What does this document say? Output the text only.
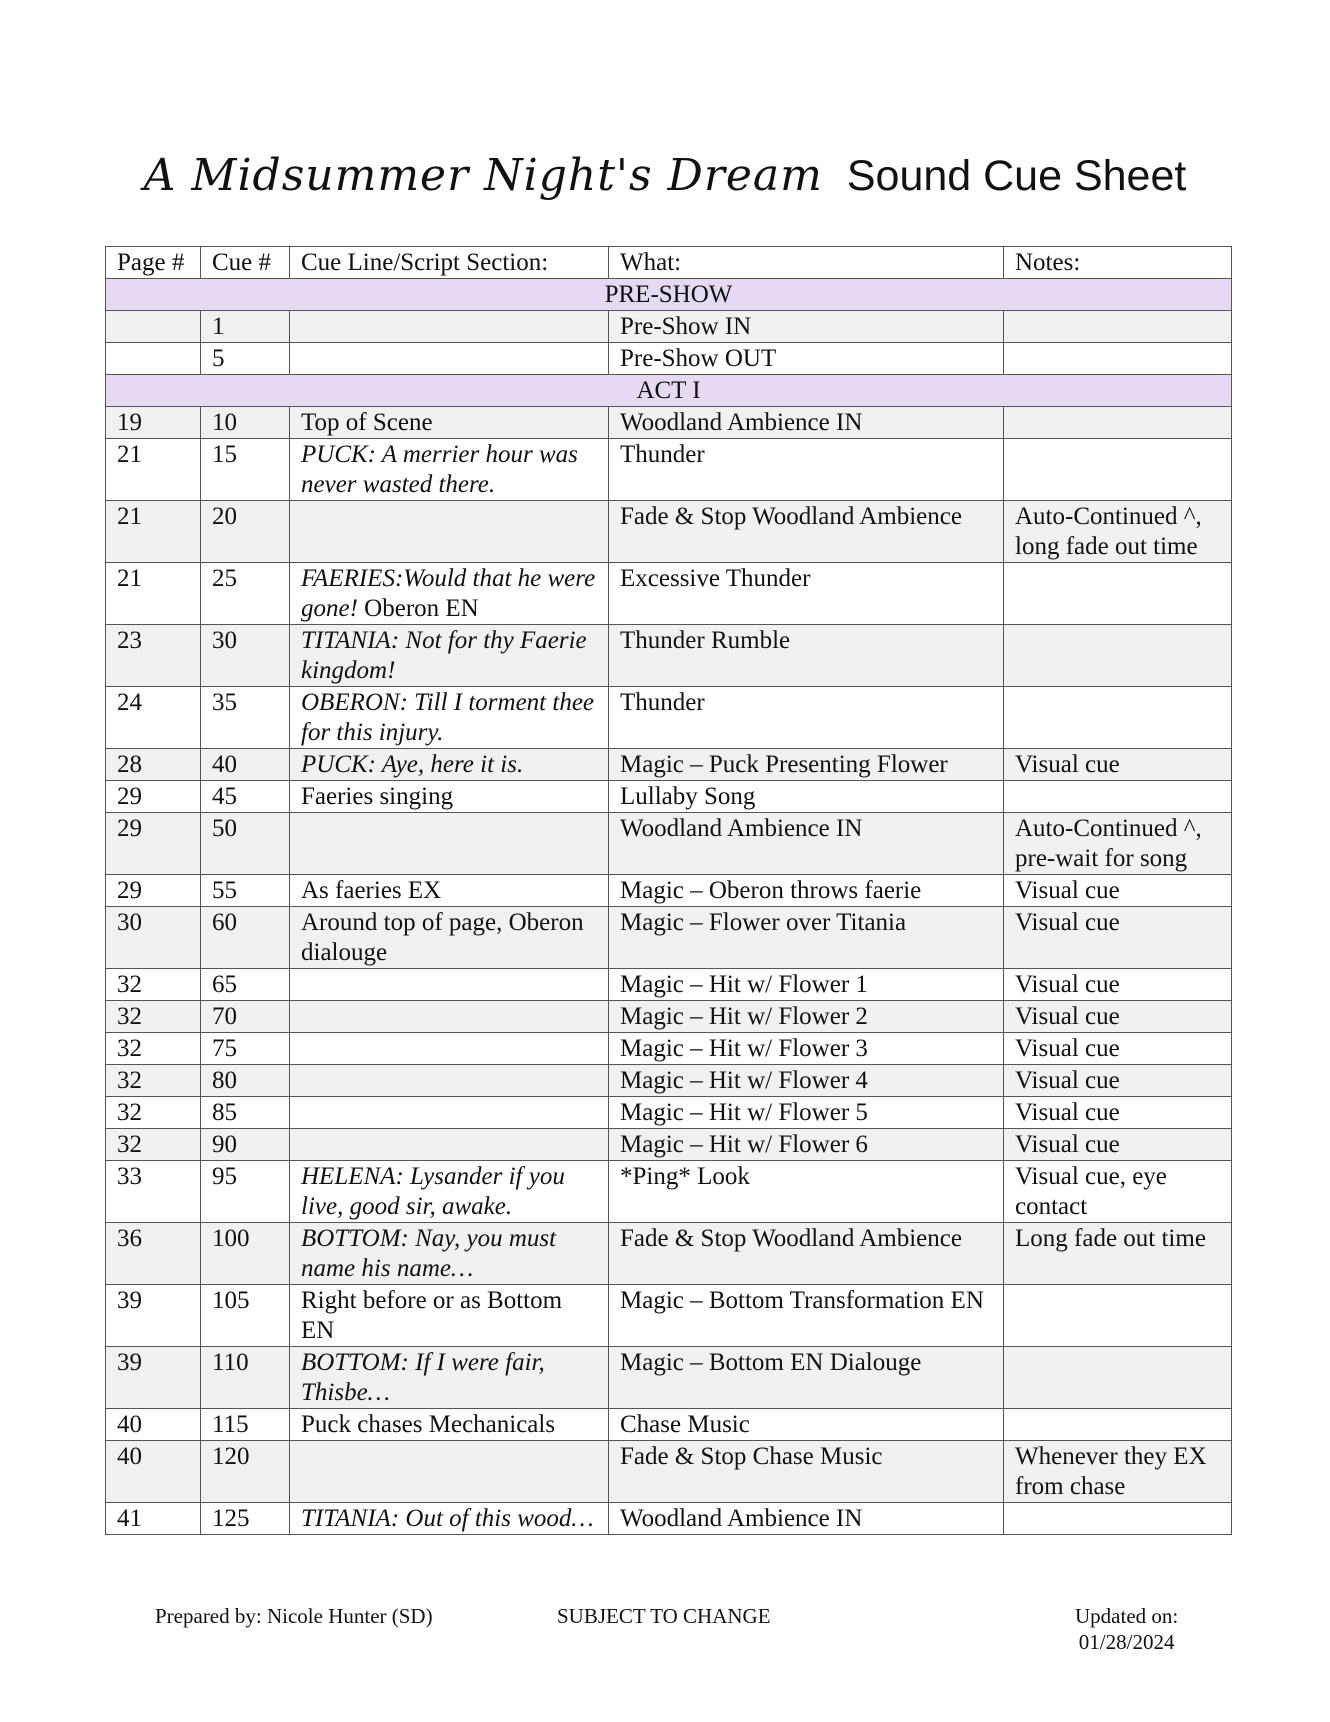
A Midsummer Night's Dream Sound Cue Sheet
Page #	Cue #	Cue Line/Script Section:	What:	Notes:
PRE-SHOW				
	1		Pre-Show IN	
	5		Pre-Show OUT	
ACT I				
19	10	Top of Scene	Woodland Ambience IN	
21	15	PUCK: A merrier hour was never wasted there.	Thunder	
21	20		Fade & Stop Woodland Ambience	Auto-Continued ^, long fade out time
21	25	FAERIES:Would that he were gone! Oberon EN	Excessive Thunder	
23	30	TITANIA: Not for thy Faerie kingdom!	Thunder Rumble	
24	35	OBERON: Till I torment thee for this injury.	Thunder	
28	40	PUCK: Aye, here it is.	Magic – Puck Presenting Flower	Visual cue
29	45	Faeries singing	Lullaby Song	
29	50		Woodland Ambience IN	Auto-Continued ^, pre-wait for song
29	55	As faeries EX	Magic – Oberon throws faerie	Visual cue
30	60	Around top of page, Oberon dialouge	Magic – Flower over Titania	Visual cue
32	65		Magic – Hit w/ Flower 1	Visual cue
32	70		Magic – Hit w/ Flower 2	Visual cue
32	75		Magic – Hit w/ Flower 3	Visual cue
32	80		Magic – Hit w/ Flower 4	Visual cue
32	85		Magic – Hit w/ Flower 5	Visual cue
32	90		Magic – Hit w/ Flower 6	Visual cue
33	95	HELENA: Lysander if you live, good sir, awake.	*Ping* Look	Visual cue, eye contact
36	100	BOTTOM: Nay, you must name his name…	Fade & Stop Woodland Ambience	Long fade out time
39	105	Right before or as Bottom EN	Magic – Bottom Transformation EN	
39	110	BOTTOM: If I were fair, Thisbe…	Magic – Bottom EN Dialouge	
40	115	Puck chases Mechanicals	Chase Music	
40	120		Fade & Stop Chase Music	Whenever they EX from chase
41	125	TITANIA: Out of this wood…	Woodland Ambience IN	
Prepared by: Nicole Hunter (SD)	SUBJECT TO CHANGE	Updated on:
01/28/2024
